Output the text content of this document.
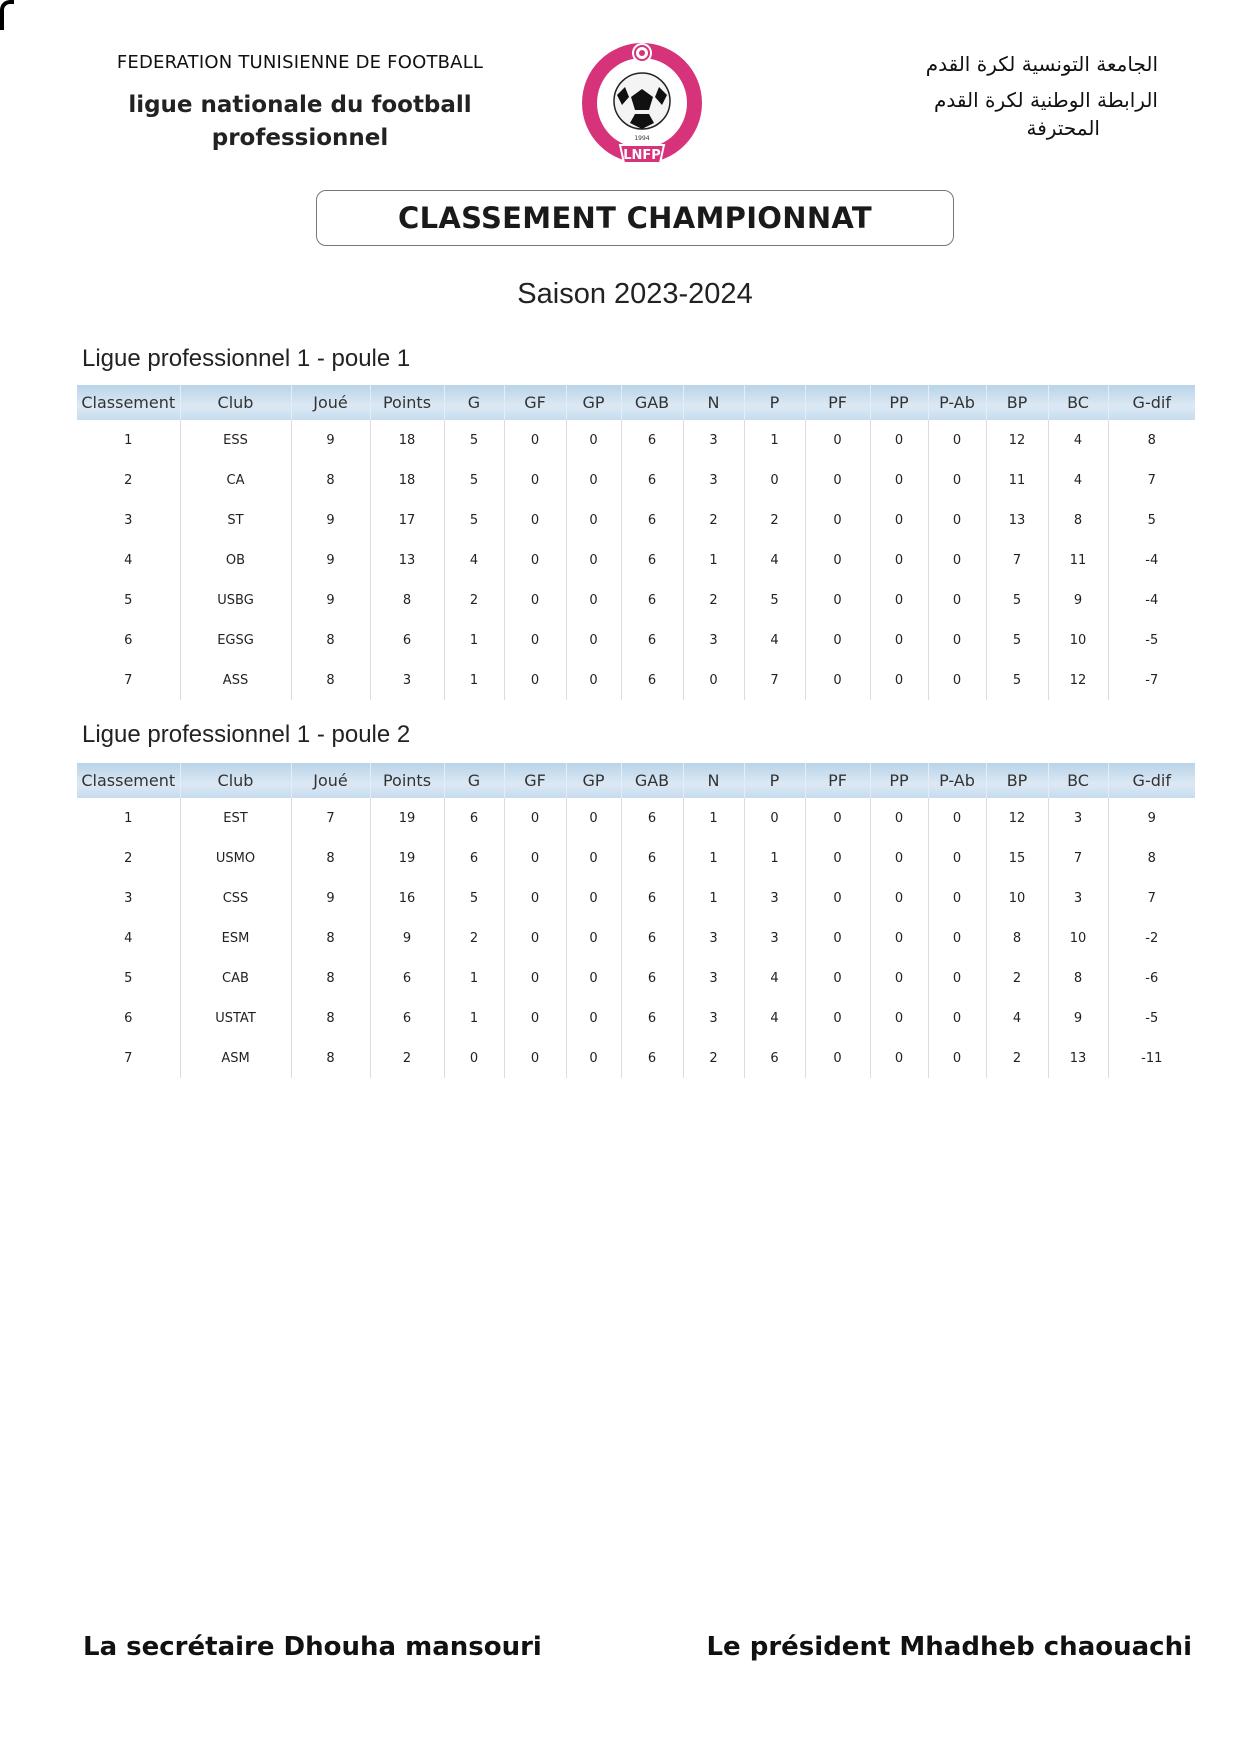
FEDERATION TUNISIENNE DE FOOTBALL

ligue nationale du football
professionnel
LNFP
1994
الجامعة التونسية لكرة القدم
الرابطة الوطنية لكرة القدم
المحترفة
CLASSEMENT CHAMPIONNAT
Saison 2023-2024
Ligue professionnel 1 - poule 1
Classement	Club	Joué	Points	G	GF	GP	GAB	N	P	PF	PP	P-Ab	BP	BC	G-dif
1	ESS	9	18	5	0	0	6	3	1	0	0	0	12	4	8
2	CA	8	18	5	0	0	6	3	0	0	0	0	11	4	7
3	ST	9	17	5	0	0	6	2	2	0	0	0	13	8	5
4	OB	9	13	4	0	0	6	1	4	0	0	0	7	11	-4
5	USBG	9	8	2	0	0	6	2	5	0	0	0	5	9	-4
6	EGSG	8	6	1	0	0	6	3	4	0	0	0	5	10	-5
7	ASS	8	3	1	0	0	6	0	7	0	0	0	5	12	-7
Ligue professionnel 1 - poule 2
Classement	Club	Joué	Points	G	GF	GP	GAB	N	P	PF	PP	P-Ab	BP	BC	G-dif
1	EST	7	19	6	0	0	6	1	0	0	0	0	12	3	9
2	USMO	8	19	6	0	0	6	1	1	0	0	0	15	7	8
3	CSS	9	16	5	0	0	6	1	3	0	0	0	10	3	7
4	ESM	8	9	2	0	0	6	3	3	0	0	0	8	10	-2
5	CAB	8	6	1	0	0	6	3	4	0	0	0	2	8	-6
6	USTAT	8	6	1	0	0	6	3	4	0	0	0	4	9	-5
7	ASM	8	2	0	0	0	6	2	6	0	0	0	2	13	-11
La secrétaire Dhouha mansouri	Le président Mhadheb chaouachi
